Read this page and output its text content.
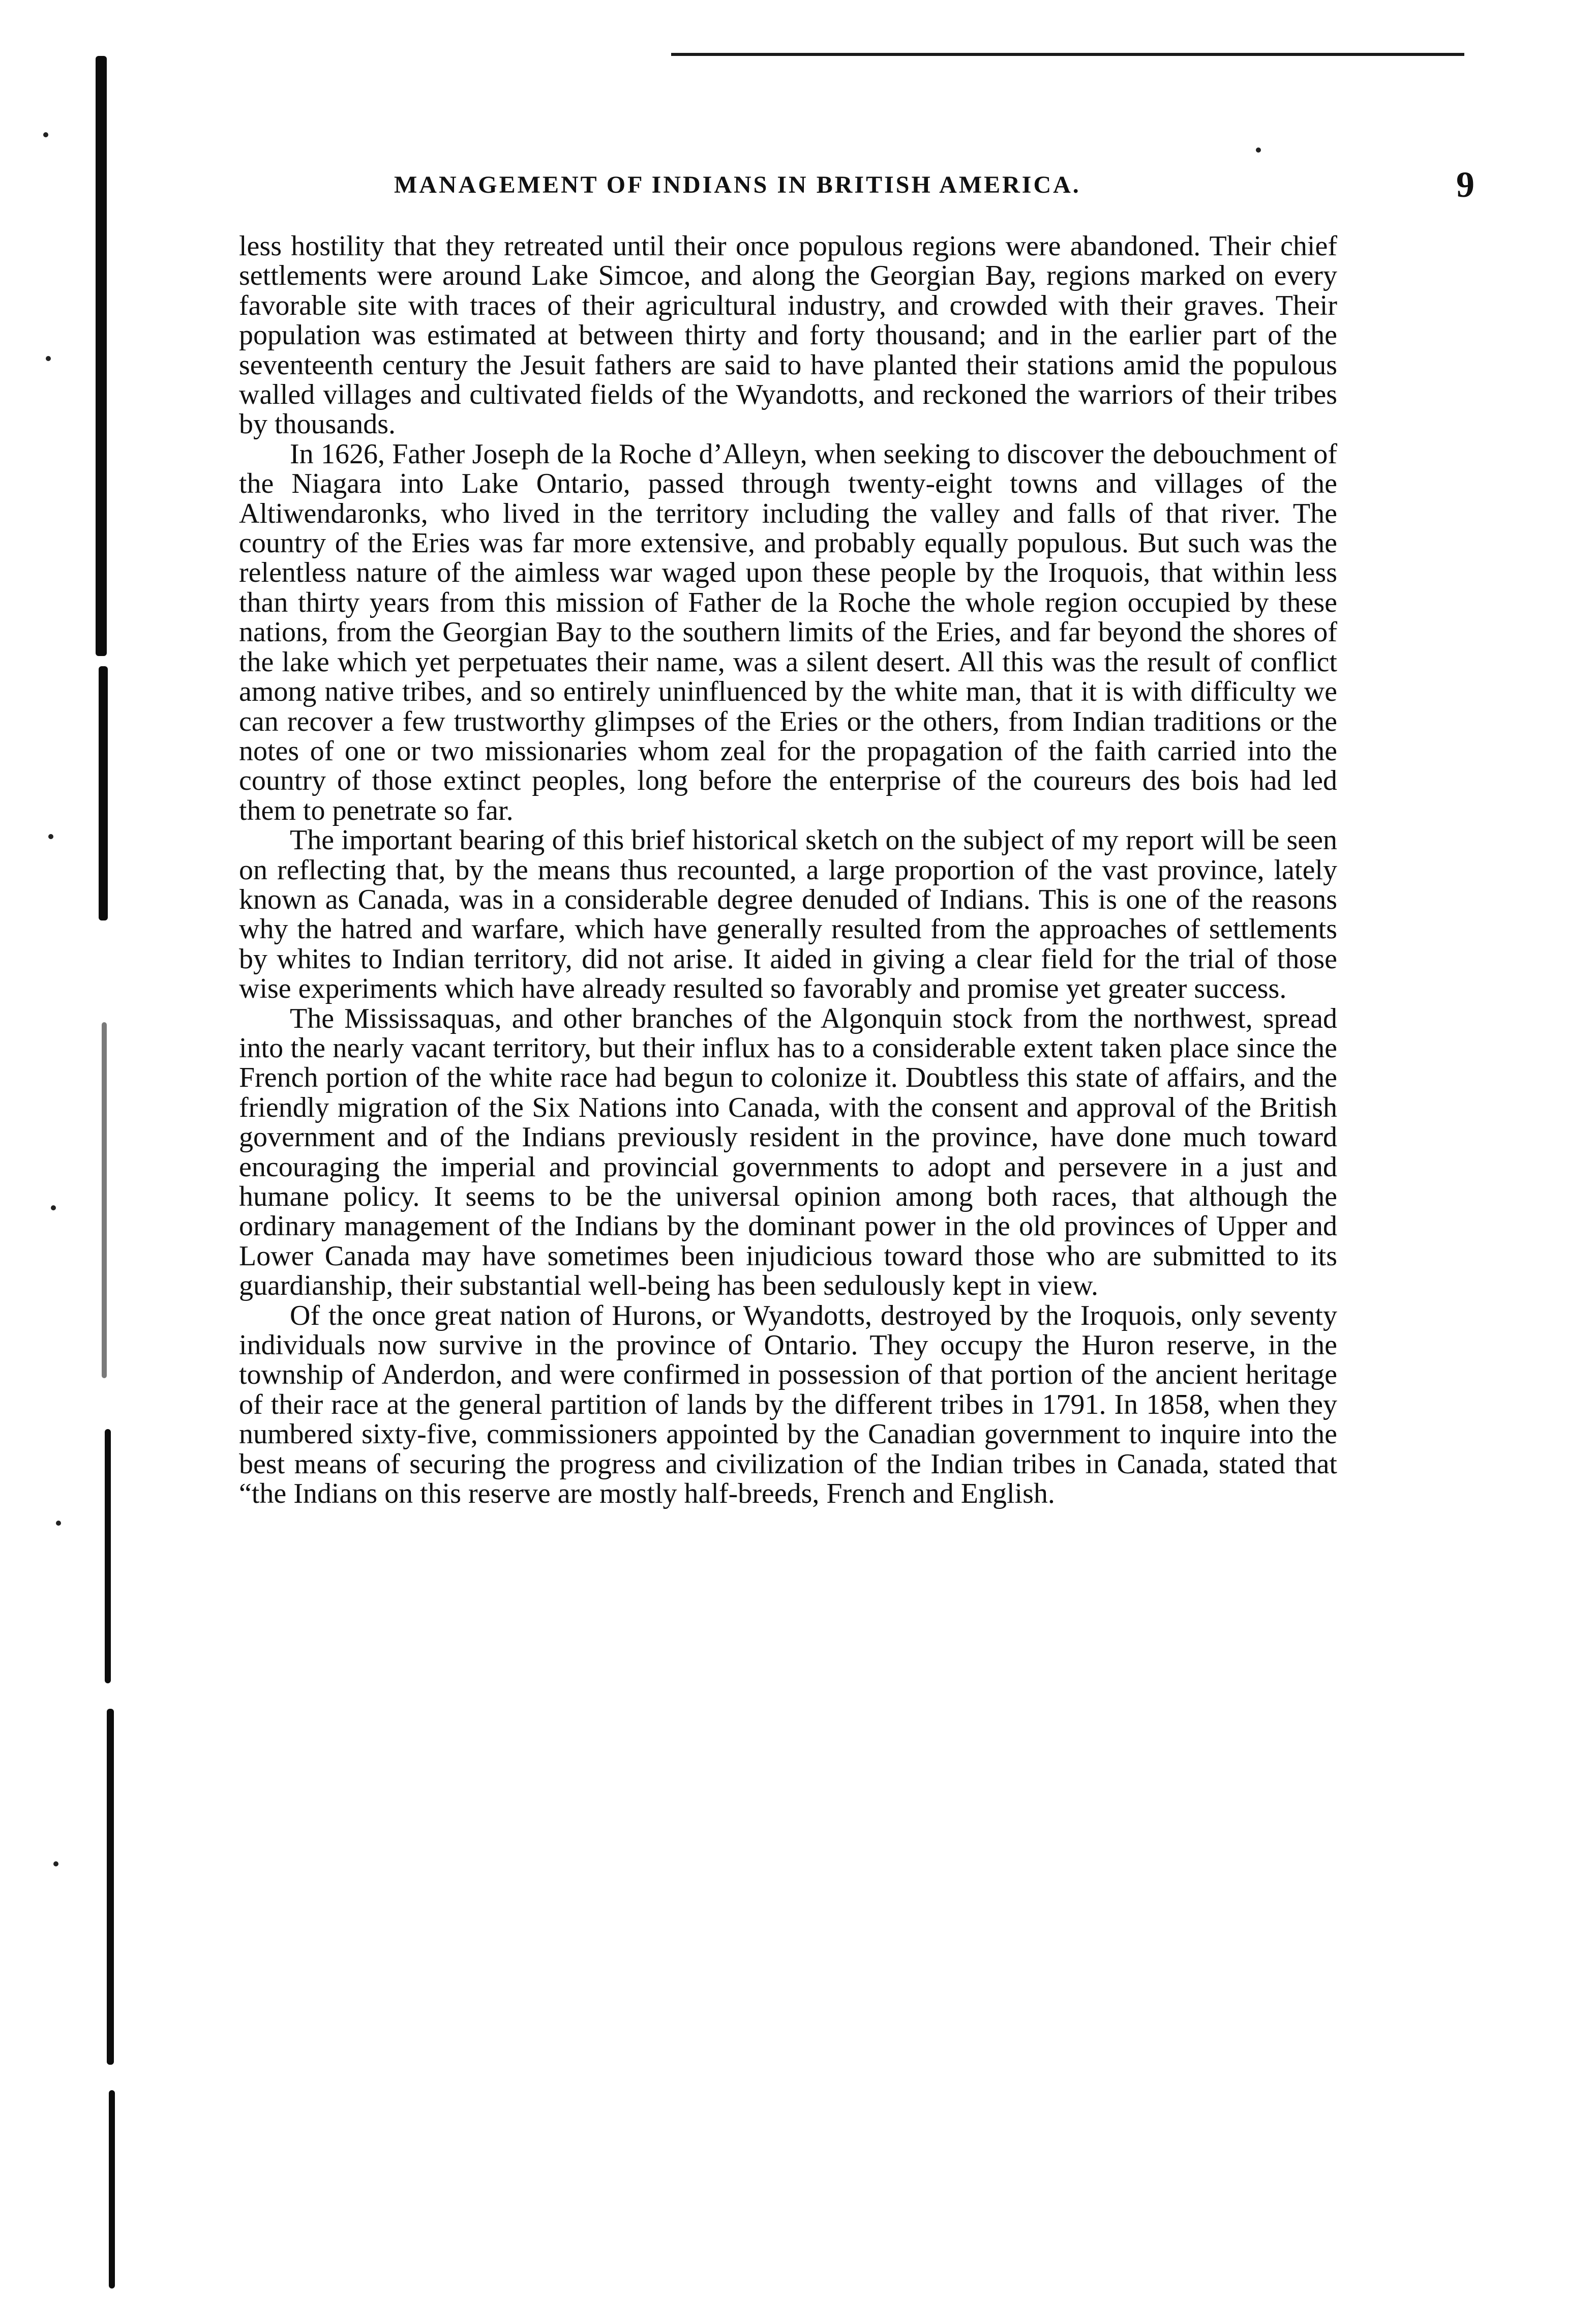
MANAGEMENT OF INDIANS IN BRITISH AMERICA.	9

less hostility that they retreated until their once populous regions were abandoned. Their chief settlements were around Lake Simcoe, and along the Georgian Bay, regions marked on every favorable site with traces of their agricultural industry, and crowded with their graves. Their population was estimated at between thirty and forty thousand; and in the earlier part of the seventeenth century the Jesuit fathers are said to have planted their stations amid the populous walled villages and cultivated fields of the Wyandotts, and reckoned the warriors of their tribes by thousands.

In 1626, Father Joseph de la Roche d’Alleyn, when seeking to discover the debouchment of the Niagara into Lake Ontario, passed through twenty-eight towns and villages of the Altiwendaronks, who lived in the territory including the valley and falls of that river. The country of the Eries was far more extensive, and probably equally populous. But such was the relentless nature of the aimless war waged upon these people by the Iroquois, that within less than thirty years from this mission of Father de la Roche the whole region occupied by these nations, from the Georgian Bay to the southern limits of the Eries, and far beyond the shores of the lake which yet perpetuates their name, was a silent desert. All this was the result of conflict among native tribes, and so entirely uninfluenced by the white man, that it is with difficulty we can recover a few trustworthy glimpses of the Eries or the others, from Indian traditions or the notes of one or two missionaries whom zeal for the propagation of the faith carried into the country of those extinct peoples, long before the enterprise of the coureurs des bois had led them to penetrate so far.

The important bearing of this brief historical sketch on the subject of my report will be seen on reflecting that, by the means thus recounted, a large proportion of the vast province, lately known as Canada, was in a considerable degree denuded of Indians. This is one of the reasons why the hatred and warfare, which have generally resulted from the approaches of settlements by whites to Indian territory, did not arise. It aided in giving a clear field for the trial of those wise experiments which have already resulted so favorably and promise yet greater success.

The Mississaquas, and other branches of the Algonquin stock from the northwest, spread into the nearly vacant territory, but their influx has to a considerable extent taken place since the French portion of the white race had begun to colonize it. Doubtless this state of affairs, and the friendly migration of the Six Nations into Canada, with the consent and approval of the British government and of the Indians previously resident in the province, have done much toward encouraging the imperial and provincial governments to adopt and persevere in a just and humane policy. It seems to be the universal opinion among both races, that although the ordinary management of the Indians by the dominant power in the old provinces of Upper and Lower Canada may have sometimes been injudicious toward those who are submitted to its guardianship, their substantial well-being has been sedulously kept in view.

Of the once great nation of Hurons, or Wyandotts, destroyed by the Iroquois, only seventy individuals now survive in the province of Ontario. They occupy the Huron reserve, in the township of Anderdon, and were confirmed in possession of that portion of the ancient heritage of their race at the general partition of lands by the different tribes in 1791. In 1858, when they numbered sixty-five, commissioners appointed by the Canadian government to inquire into the best means of securing the progress and civilization of the Indian tribes in Canada, stated that “the Indians on this reserve are mostly half-breeds, French and English.
